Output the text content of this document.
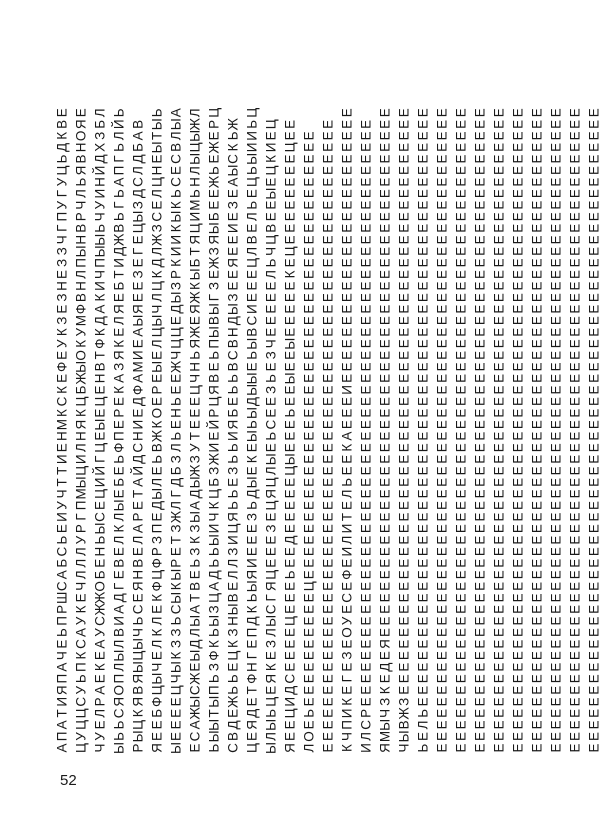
А
П
А
Т
И
Я
П
А
Ч
Е
Ь
П
Р
Ш
С
А
Б
С
Ь
Е
И
У
Ч
Т
Т
И
Е
Н
М
К
С
К
Е
Ф
Е
У
К
З
Е
З
Н
Е
З
З
Ч
Г
П
У
Г
У
Ц
Ь
Д
К
В
Е
Ц
У
Ц
Ц
С
У
Ь
П
К
С
А
У
К
Е
Ч
Л
Л
Л
У
Р
Г
П
М
Ы
Ц
И
Л
Н
Я
К
Ц
Б
Ж
Ы
О
К
У
М
Ф
В
Н
Л
П
Ы
Н
В
Р
Ч
Л
Ь
Я
В
Н
О
Я
Е
Ч
У
Е
Л
Р
А
Е
К
Е
А
У
С
Ж
Ж
О
Б
Е
Н
Ь
Ы
С
Е
Ц
И
Й
Г
Ц
Е
Ы
Е
Ц
Е
Н
В
Т
Ф
К
Д
А
К
И
Ч
П
Ы
Ы
Ь
Ч
У
И
Н
Й
Д
Х
З
Б
Л
Ы
Ь
Ь
С
Я
О
П
Л
Ы
Л
В
И
А
Д
Г
Е
В
Е
Л
К
Л
Ы
Е
Б
Е
Ь
Ф
П
Е
Р
Е
К
А
З
Я
К
Е
Л
Я
Е
Б
Т
И
Д
Ж
В
Ь
Г
Ь
А
П
Г
Ь
Л
Й
Ь
Р
Ы
Ц
К
Я
В
Я
Ы
Ц
Ы
Ч
Ь
С
Е
Я
Н
В
Е
Л
А
Р
Е
Т
А
Й
Д
С
Н
И
Е
Д
Ф
А
М
И
Е
А
Ы
Я
Е
Е
З
Е
Г
Е
Ц
Ы
З
Д
С
Л
Д
Б
А
В
Я
Е
Е
Б
Ф
Ц
Ы
Ч
Е
Л
К
Л
Е
К
Ф
Ц
Ф
Р
З
П
Е
Д
Ы
Л
Е
Ь
В
Ж
К
О
Е
Р
Е
Ы
Е
Л
Ц
Ы
Ч
Л
Ц
К
Д
Л
Ж
З
С
Е
Л
Ц
Н
Е
Ы
Т
Ы
Ь
Ы
Е
Е
Е
Е
Ц
Ч
Ы
К
З
З
Ь
С
Ы
К
Ы
Р
Е
Т
З
Ж
Л
Г
Д
Б
З
Л
Ь
Е
Н
Ь
Е
Е
Ж
Ч
Ц
Ц
Е
Д
Ы
З
Р
К
И
И
К
Ы
К
Ь
С
Е
С
В
Л
Ы
А
Е
С
А
Ж
Ы
С
Ж
Е
Ы
Д
Л
Ы
А
Т
В
Е
Ь
З
К
З
Ы
А
Д
Ы
Ж
З
У
Т
Е
Е
Е
Ц
Ч
Н
Ь
Я
Ж
Е
Я
Ж
К
Ы
Б
Т
Я
Ц
И
М
Ь
Н
Л
Ы
Ц
Ы
Ж
Л
Ь
Ы
Ы
Т
Ы
П
Ь
З
Ф
К
Ь
Ы
З
Ц
А
Д
Ь
Ь
Ы
И
Ч
К
Ц
Б
З
Ж
И
Е
Й
Р
Ц
Я
В
Е
Ь
П
Ы
В
Ы
Г
З
Е
Ж
З
Я
Ы
Б
Е
Е
Ж
Ь
Е
Ж
Е
Р
Ц
С
В
Д
Е
Ж
Ь
Ь
Е
Ц
К
З
Н
Ы
В
Е
Л
Л
З
И
Ц
Я
Ь
Ь
Е
З
Ь
Ь
И
Я
Б
Е
Ь
Ь
В
С
В
Н
Д
Ы
З
Е
Е
Я
Е
Е
И
Е
З
Е
А
Ы
С
К
Ь
Ж
Ц
Е
Я
Д
Е
Т
Ф
Н
Г
Е
П
Д
К
Ь
Ы
Я
И
Е
Е
Е
З
Ь
Д
Ы
Е
К
Е
Ы
Ь
Ы
Д
Ы
Ы
Е
Ь
Ы
В
С
И
Е
Е
Е
Ц
Л
В
Е
Л
Ь
Е
Ц
Ь
Ы
И
И
Ь
Ц
Ы
Л
Ы
Ь
Ц
Е
Я
К
Е
З
Л
Ы
С
Г
Я
Ц
Е
Е
Е
З
Е
Ц
Я
Ц
Л
Ы
Е
Ь
С
Е
Е
З
Ь
Е
З
Ч
Е
Е
Е
Е
Е
Л
Ь
Ч
Ц
В
Е
Е
Ы
Е
Ц
К
И
Е
Ц
Я
Е
Е
Ц
И
Д
С
Е
Е
Е
Е
Ц
Е
Е
Е
Ь
Е
Е
Д
Е
Е
Е
Е
Е
Ц
Ы
Е
Е
Е
Ь
Е
Е
Ы
Е
Е
Ы
Е
Е
Е
Е
Е
К
Е
Ц
Е
Е
Е
Е
Е
Е
Е
Е
Ц
Е
Е
Л
О
Е
Ь
Е
Е
Е
Е
Е
Е
Е
Е
Е
Е
Ц
Е
Е
Е
Е
Е
Е
Е
Е
Е
Е
Е
Е
Е
Е
Е
Е
Е
Е
Е
Е
Е
Е
Е
Е
Е
Е
Е
Е
Е
Е
Е
Е
Е
Е
Е
Е
Е
Е
Е
Е
Е
Е
Е
Е
Е
Е
Е
Е
Е
Е
Е
Е
Е
Е
Е
Е
Е
Е
Е
Е
Е
Е
Е
Е
Е
Е
Е
Е
Е
Е
Е
Е
Е
Е
Е
Е
Е
Е
Е
Е
Е
Е
Е
Е
Е
Е
Е
Е
Е
Е
Е
Е
Е
Е
К
Ч
П
И
К
Е
Г
Е
З
Е
О
У
Е
С
Е
Ф
Е
И
Л
И
Т
Е
Л
Ь
Е
Е
К
А
Е
Е
Е
И
Е
Е
Е
Е
Е
Е
Е
Е
Е
Е
Е
Е
Е
Е
Е
Е
Е
Е
Е
Е
Е
Е
Е
Е
И
Л
С
Р
Е
Е
Е
Е
Е
Е
Е
Е
Е
Е
Е
Е
Е
Е
Е
Е
Е
Е
Е
Е
Е
Е
Е
Е
Е
Е
Е
Е
Е
Е
Е
Е
Е
Е
Е
Е
Е
Е
Е
Е
Е
Е
Е
Е
Е
Е
Е
Е
Е
Е
Е
Я
М
Ы
Ч
З
К
Е
Д
Е
Я
Е
Е
Е
Е
Е
Е
Е
Е
Е
Е
Е
Е
Е
Е
Е
Е
Е
Е
Е
Е
Е
Е
Е
Е
Е
Е
Е
Е
Е
Е
Е
Е
Е
Е
Е
Е
Е
Е
Е
Е
Е
Е
Е
Е
Е
Е
Ч
Ы
В
Ж
З
Е
Е
Е
Е
Е
Е
Е
Е
Е
Е
Е
Е
Е
Е
Е
Е
Е
Е
Е
Е
Е
Е
Е
Е
Е
Е
Е
Е
Е
Е
Е
Е
Е
Е
Е
Е
Е
Е
Е
Е
Е
Е
Е
Е
Е
Е
Е
Е
Е
Е
Е
Ь
Е
Л
Ь
Е
Е
Е
Е
Е
Е
Е
Е
Е
Е
Е
Е
Е
Е
Е
Е
Е
Е
Е
Е
Е
Е
Е
Е
Е
Е
Е
Е
Е
Е
Е
Е
Е
Е
Е
Е
Е
Е
Е
Е
Е
Е
Е
Е
Е
Е
Е
Е
Е
Е
Е
Е
Е
Е
Е
Е
Е
Е
Е
Е
Е
Е
Е
Е
Е
Е
Е
Е
Е
Е
Е
Е
Е
Е
Е
Е
Е
Е
Е
Е
Е
Е
Е
Е
Е
Е
Е
Е
Е
Е
Е
Е
Е
Е
Е
Е
Е
Е
Е
Е
Е
Е
Е
Е
Е
Е
Е
Е
Е
Е
Е
Е
Е
Е
Е
Е
Е
Е
Е
Е
Е
Е
Е
Е
Е
Е
Е
Е
Е
Е
Е
Е
Е
Е
Е
Е
Е
Е
Е
Е
Е
Е
Е
Е
Е
Е
Е
Е
Е
Е
Е
Е
Е
Е
Е
Е
Е
Е
Е
Е
Е
Е
Е
Е
Е
Е
Е
Е
Е
Е
Е
Е
Е
Е
Е
Е
Е
Е
Е
Е
Е
Е
Е
Е
Е
Е
Е
Е
Е
Е
Е
Е
Е
Е
Е
Е
Е
Е
Е
Е
Е
Е
Е
Е
Е
Е
Е
Е
Е
Е
Е
Е
Е
Е
Е
Е
Е
Е
Е
Е
Е
Е
Е
Е
Е
Е
Е
Е
Е
Е
Е
Е
Е
Е
Е
Е
Е
Е
Е
Е
Е
Е
Е
Е
Е
Е
Е
Е
Е
Е
Е
Е
Е
Е
Е
Е
Е
Е
Е
Е
Е
Е
Е
Е
Е
Е
Е
Е
Е
Е
Е
Е
Е
Е
Е
Е
Е
Е
Е
Е
Е
Е
Е
Е
Е
Е
Е
Е
Е
Е
Е
Е
Е
Е
Е
Е
Е
Е
Е
Е
Е
Е
Е
Е
Е
Е
Е
Е
Е
Е
Е
Е
Е
Е
Е
Е
Е
Е
Е
Е
Е
Е
Е
Е
Е
Е
Е
Е
Е
Е
Е
Е
Е
Е
Е
Е
Е
Е
Е
Е
Е
Е
Е
Е
Е
Е
Е
Е
Е
Е
Е
Е
Е
Е
Е
Е
Е
Е
Е
Е
Е
Е
Е
Е
Е
Е
Е
Е
Е
Е
Е
Е
Е
Е
Е
Е
Е
Е
Е
Е
Е
Е
Е
Е
Е
Е
Е
Е
Е
Е
Е
Е
Е
Е
Е
Е
Е
Е
Е
Е
Е
Е
Е
Е
Е
Е
Е
Е
Е
Е
Е
Е
Е
Е
Е
Е
Е
Е
Е
Е
Е
Е
Е
Е
Е
Е
Е
Е
Е
Е
Е
Е
Е
Е
Е
Е
Е
Е
Е
Е
Е
Е
Е
Е
Е
Е
Е
Е
Е
Е
Е
Е
Е
Е
Е
Е
Е
Е
Е
Е
Е
Е
Е
Е
Е
Е
Е
Е
Е
Е
Е
Е
Е
Е
Е
Е
Е
Е
Е
Е
Е
Е
Е
Е
Е
Е
Е
Е
Е
Е
Е
Е
Е
Е
Е
Е
Е
Е
Е
Е
Е
Е
Е
Е
Е
Е
Е
Е
Е
Е
Е
Е
Е
Е
Е
Е
Е
Е
Е
Е
Е
Е
Е
Е
Е
Е
Е
Е
Е
Е
Е
Е
Е
Е
Е
Е
Е
Е
Е
Е
Е
Е
Е
Е
Е
Е
Е
Е
Е
Е
Е
Е
Е
Е
Е
Е
52
